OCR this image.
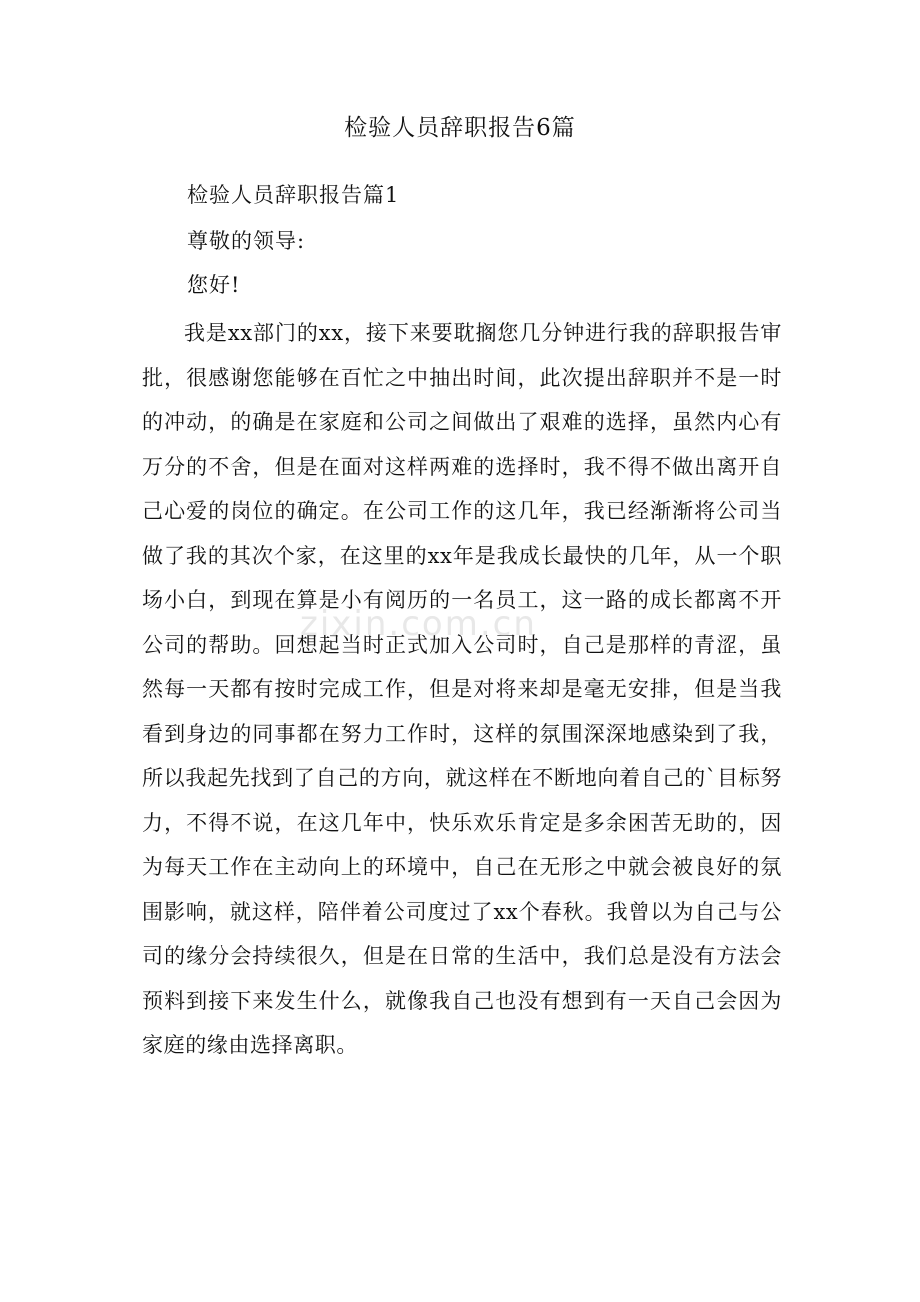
检验人员辞职报告6篇
检验人员辞职报告篇1
尊敬的领导:
您好!

我是xx部门的xx，接下来要耽搁您几分钟进行我的辞职报告审批，很感谢您能够在百忙之中抽出时间，此次提出辞职并不是一时的冲动，的确是在家庭和公司之间做出了艰难的选择，虽然内心有万分的不舍，但是在面对这样两难的选择时，我不得不做出离开自己心爱的岗位的确定。在公司工作的这几年，我已经渐渐将公司当做了我的其次个家，在这里的xx年是我成长最快的几年，从一个职场小白，到现在算是小有阅历的一名员工，这一路的成长都离不开公司的帮助。回想起当时正式加入公司时，自己是那样的青涩，虽然每一天都有按时完成工作，但是对将来却是毫无安排，但是当我看到身边的同事都在努力工作时，这样的氛围深深地感染到了我，所以我起先找到了自己的方向，就这样在不断地向着自己的`目标努力，不得不说，在这几年中，快乐欢乐肯定是多余困苦无助的，因为每天工作在主动向上的环境中，自己在无形之中就会被良好的氛围影响，就这样，陪伴着公司度过了xx个春秋。我曾以为自己与公司的缘分会持续很久，但是在日常的生活中，我们总是没有方法会预料到接下来发生什么，就像我自己也没有想到有一天自己会因为家庭的缘由选择离职。

zixin.com.cn
